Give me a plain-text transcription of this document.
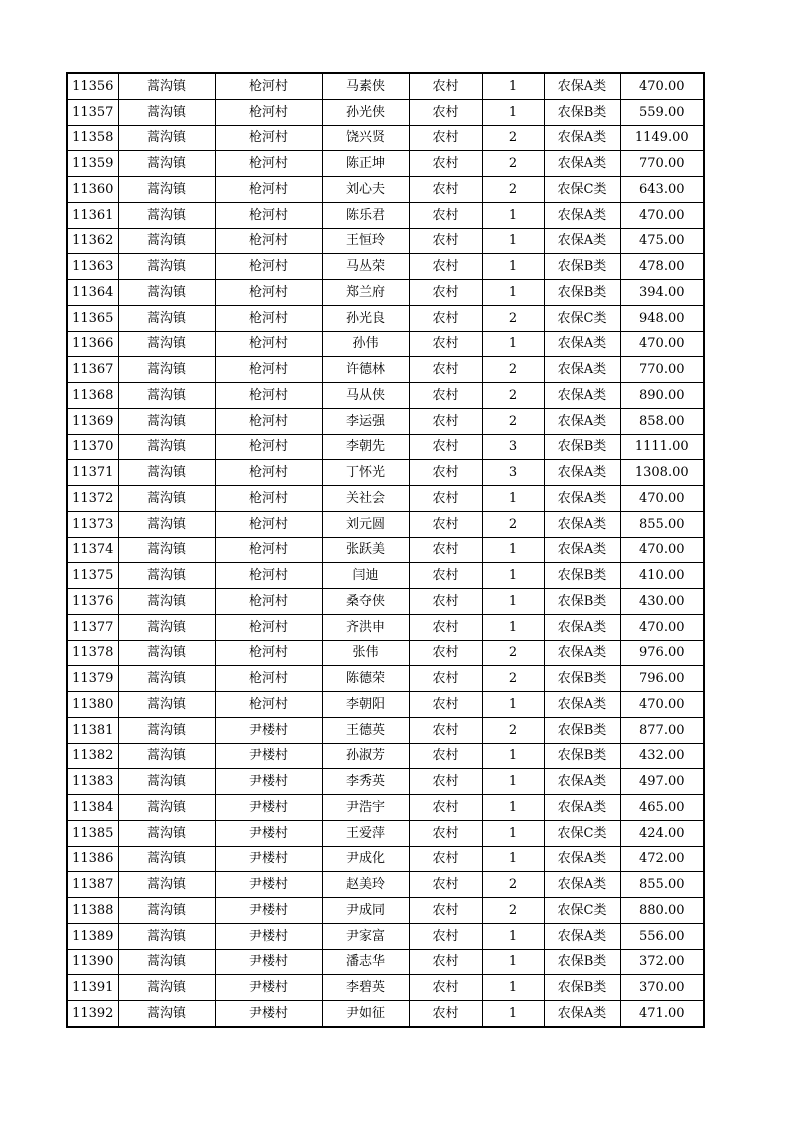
11356	蒿沟镇	枪河村	马素侠	农村	1	农保A类	470.00
11357	蒿沟镇	枪河村	孙光侠	农村	1	农保B类	559.00
11358	蒿沟镇	枪河村	饶兴贤	农村	2	农保A类	1149.00
11359	蒿沟镇	枪河村	陈正坤	农村	2	农保A类	770.00
11360	蒿沟镇	枪河村	刘心夫	农村	2	农保C类	643.00
11361	蒿沟镇	枪河村	陈乐君	农村	1	农保A类	470.00
11362	蒿沟镇	枪河村	王恒玲	农村	1	农保A类	475.00
11363	蒿沟镇	枪河村	马丛荣	农村	1	农保B类	478.00
11364	蒿沟镇	枪河村	郑兰府	农村	1	农保B类	394.00
11365	蒿沟镇	枪河村	孙光良	农村	2	农保C类	948.00
11366	蒿沟镇	枪河村	孙伟	农村	1	农保A类	470.00
11367	蒿沟镇	枪河村	许德林	农村	2	农保A类	770.00
11368	蒿沟镇	枪河村	马从侠	农村	2	农保A类	890.00
11369	蒿沟镇	枪河村	李运强	农村	2	农保A类	858.00
11370	蒿沟镇	枪河村	李朝先	农村	3	农保B类	1111.00
11371	蒿沟镇	枪河村	丁怀光	农村	3	农保A类	1308.00
11372	蒿沟镇	枪河村	关社会	农村	1	农保A类	470.00
11373	蒿沟镇	枪河村	刘元圆	农村	2	农保A类	855.00
11374	蒿沟镇	枪河村	张跃美	农村	1	农保A类	470.00
11375	蒿沟镇	枪河村	闫迪	农村	1	农保B类	410.00
11376	蒿沟镇	枪河村	桑夺侠	农村	1	农保B类	430.00
11377	蒿沟镇	枪河村	齐洪申	农村	1	农保A类	470.00
11378	蒿沟镇	枪河村	张伟	农村	2	农保A类	976.00
11379	蒿沟镇	枪河村	陈德荣	农村	2	农保B类	796.00
11380	蒿沟镇	枪河村	李朝阳	农村	1	农保A类	470.00
11381	蒿沟镇	尹楼村	王德英	农村	2	农保B类	877.00
11382	蒿沟镇	尹楼村	孙淑芳	农村	1	农保B类	432.00
11383	蒿沟镇	尹楼村	李秀英	农村	1	农保A类	497.00
11384	蒿沟镇	尹楼村	尹浩宇	农村	1	农保A类	465.00
11385	蒿沟镇	尹楼村	王爱萍	农村	1	农保C类	424.00
11386	蒿沟镇	尹楼村	尹成化	农村	1	农保A类	472.00
11387	蒿沟镇	尹楼村	赵美玲	农村	2	农保A类	855.00
11388	蒿沟镇	尹楼村	尹成同	农村	2	农保C类	880.00
11389	蒿沟镇	尹楼村	尹家富	农村	1	农保A类	556.00
11390	蒿沟镇	尹楼村	潘志华	农村	1	农保B类	372.00
11391	蒿沟镇	尹楼村	李碧英	农村	1	农保B类	370.00
11392	蒿沟镇	尹楼村	尹如征	农村	1	农保A类	471.00
